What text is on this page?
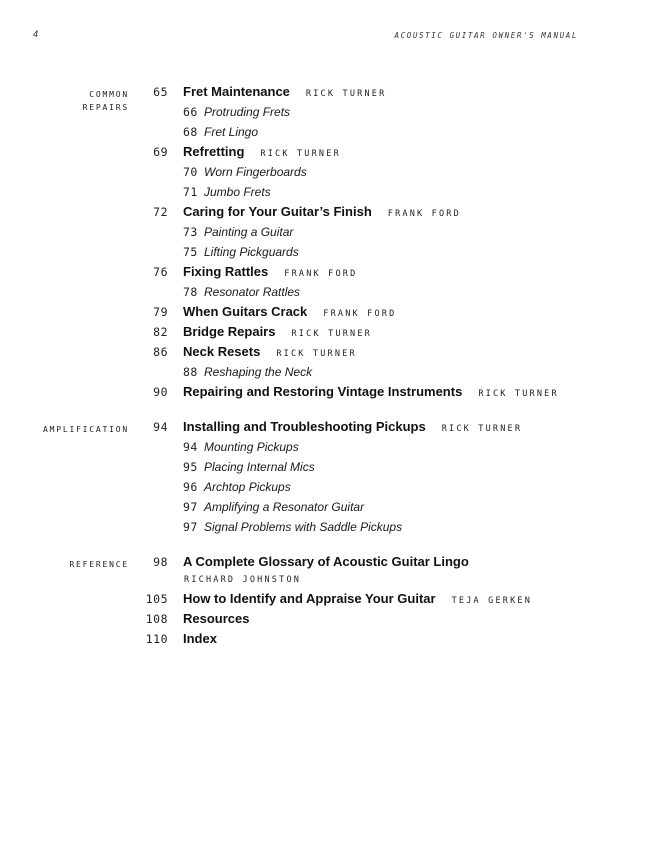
4	ACOUSTIC GUITAR OWNER'S MANUAL
COMMON
REPAIRS
65 Fret Maintenance RICK TURNER
66 Protruding Frets
68 Fret Lingo
69 Refretting RICK TURNER
70 Worn Fingerboards
71 Jumbo Frets
72 Caring for Your Guitar’s Finish FRANK FORD
73 Painting a Guitar
75 Lifting Pickguards
76 Fixing Rattles FRANK FORD
78 Resonator Rattles
79 When Guitars Crack FRANK FORD
82 Bridge Repairs RICK TURNER
86 Neck Resets RICK TURNER
88 Reshaping the Neck
90 Repairing and Restoring Vintage Instruments RICK TURNER
AMPLIFICATION 94 Installing and Troubleshooting Pickups RICK TURNER
94 Mounting Pickups
95 Placing Internal Mics
96 Archtop Pickups
97 Amplifying a Resonator Guitar
97 Signal Problems with Saddle Pickups
REFERENCE 98 A Complete Glossary of Acoustic Guitar Lingo
RICHARD JOHNSTON
105 How to Identify and Appraise Your Guitar TEJA GERKEN
108 Resources
110 Index
